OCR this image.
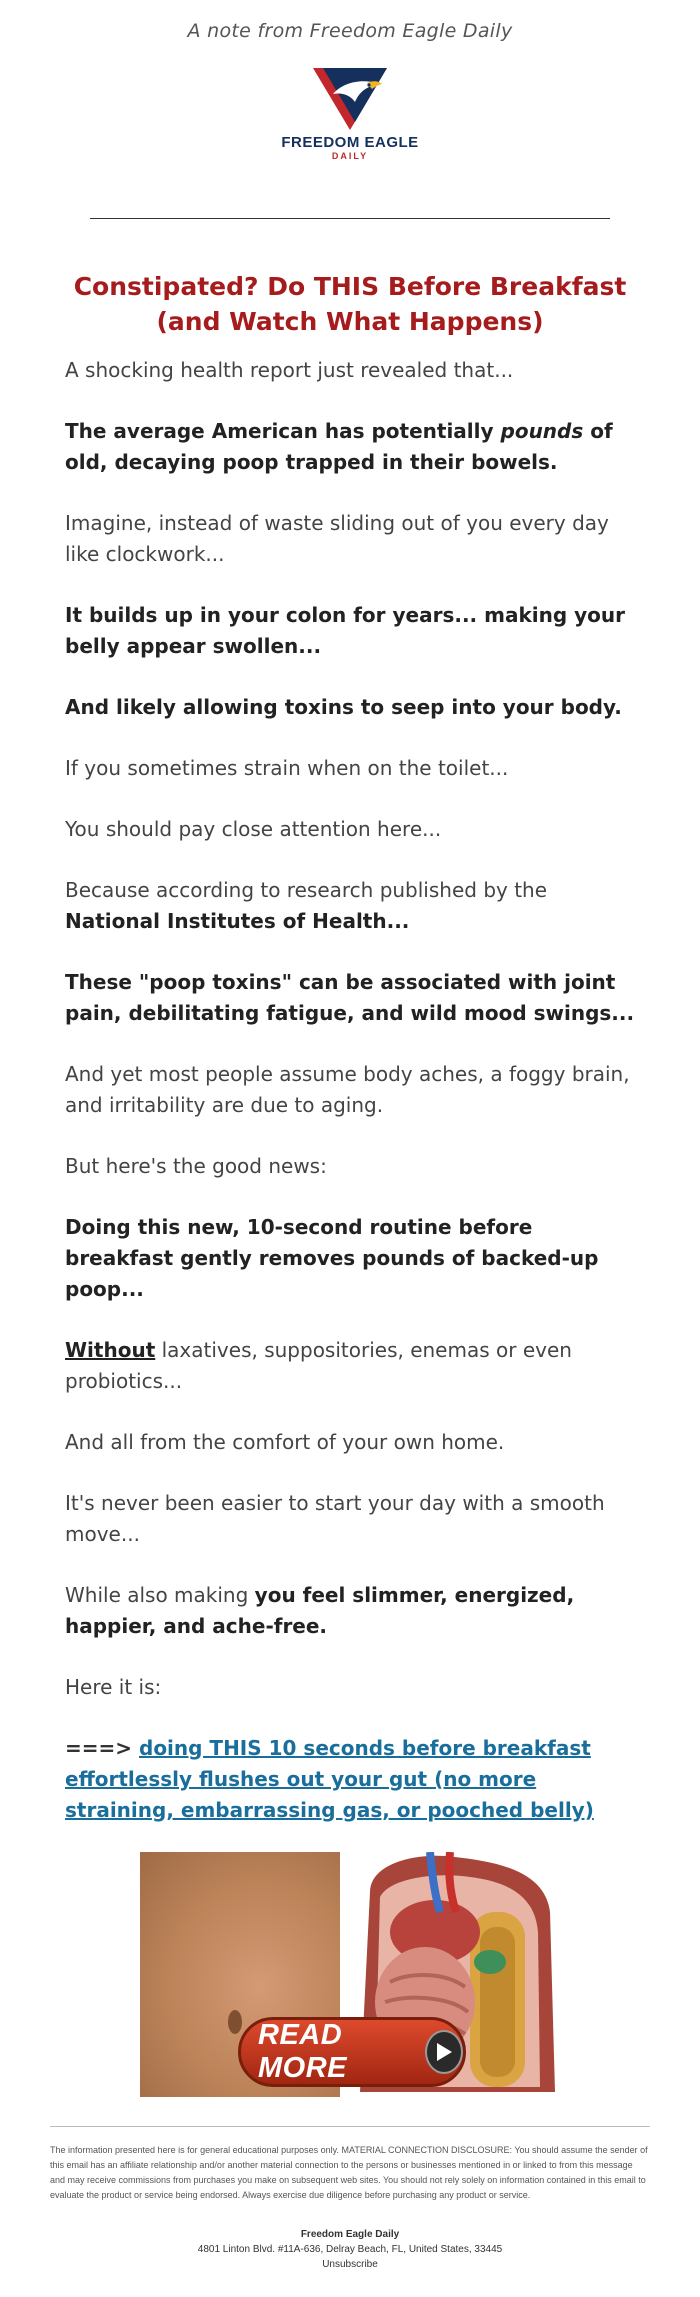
A note from Freedom Eagle Daily
FREEDOM EAGLE
DAILY
Constipated? Do THIS Before Breakfast (and Watch What Happens)

A shocking health report just revealed that...

The average American has potentially pounds of old, decaying poop trapped in their bowels.

Imagine, instead of waste sliding out of you every day like clockwork...

It builds up in your colon for years... making your belly appear swollen...

And likely allowing toxins to seep into your body.

If you sometimes strain when on the toilet...

You should pay close attention here...

Because according to research published by the National Institutes of Health...

These "poop toxins" can be associated with joint pain, debilitating fatigue, and wild mood swings...

And yet most people assume body aches, a foggy brain, and irritability are due to aging.

But here's the good news:

Doing this new, 10-second routine before breakfast gently removes pounds of backed-up poop...

Without laxatives, suppositories, enemas or even probiotics...

And all from the comfort of your own home.

It's never been easier to start your day with a smooth move...

While also making you feel slimmer, energized, happier, and ache-free.

Here it is:

===> doing THIS 10 seconds before breakfast effortlessly flushes out your gut (no more straining, embarrassing gas, or pooched belly)

READ MORE

The information presented here is for general educational purposes only. MATERIAL CONNECTION DISCLOSURE: You should assume the sender of this email has an affiliate relationship and/or another material connection to the persons or businesses mentioned in or linked to from this message and may receive commissions from purchases you make on subsequent web sites. You should not rely solely on information contained in this email to evaluate the product or service being endorsed. Always exercise due diligence before purchasing any product or service.

Freedom Eagle Daily
4801 Linton Blvd. #11A-636, Delray Beach, FL, United States, 33445
Unsubscribe
